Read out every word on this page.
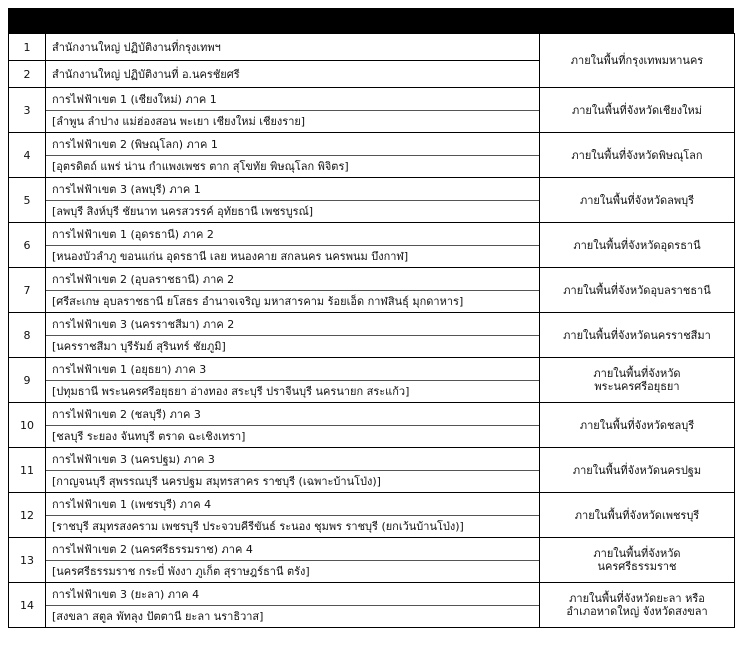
1	สำนักงานใหญ่ ปฏิบัติงานที่กรุงเทพฯ	ภายในพื้นที่กรุงเทพมหานคร
2	สำนักงานใหญ่ ปฏิบัติงานที่ อ.นครชัยศรี	

3	การไฟฟ้าเขต 1 (เชียงใหม่) ภาค 1
[ลำพูน ลำปาง แม่ฮ่องสอน พะเยา เชียงใหม่ เชียงราย]	ภายในพื้นที่จังหวัดเชียงใหม่
4	การไฟฟ้าเขต 2 (พิษณุโลก) ภาค 1
[อุตรดิตถ์ แพร่ น่าน กำแพงเพชร ตาก สุโขทัย พิษณุโลก พิจิตร]	ภายในพื้นที่จังหวัดพิษณุโลก
5	การไฟฟ้าเขต 3 (ลพบุรี) ภาค 1
[ลพบุรี สิงห์บุรี ชัยนาท นครสวรรค์ อุทัยธานี เพชรบูรณ์]	ภายในพื้นที่จังหวัดลพบุรี
6	การไฟฟ้าเขต 1 (อุดรธานี) ภาค 2
[หนองบัวลำภู ขอนแก่น อุดรธานี เลย หนองคาย สกลนคร นครพนม บึงกาฬ]	ภายในพื้นที่จังหวัดอุดรธานี
7	การไฟฟ้าเขต 2 (อุบลราชธานี) ภาค 2
[ศรีสะเกษ อุบลราชธานี ยโสธร อำนาจเจริญ มหาสารคาม ร้อยเอ็ด กาฬสินธุ์ มุกดาหาร]	ภายในพื้นที่จังหวัดอุบลราชธานี
8	การไฟฟ้าเขต 3 (นครราชสีมา) ภาค 2
[นครราชสีมา บุรีรัมย์ สุรินทร์ ชัยภูมิ]	ภายในพื้นที่จังหวัดนครราชสีมา
9	การไฟฟ้าเขต 1 (อยุธยา) ภาค 3
[ปทุมธานี พระนครศรีอยุธยา อ่างทอง สระบุรี ปราจีนบุรี นครนายก สระแก้ว]	ภายในพื้นที่จังหวัด
พระนครศรีอยุธยา
10	การไฟฟ้าเขต 2 (ชลบุรี) ภาค 3
[ชลบุรี ระยอง จันทบุรี ตราด ฉะเชิงเทรา]	ภายในพื้นที่จังหวัดชลบุรี
11	การไฟฟ้าเขต 3 (นครปฐม) ภาค 3
[กาญจนบุรี สุพรรณบุรี นครปฐม สมุทรสาคร ราชบุรี (เฉพาะบ้านโป่ง)]	ภายในพื้นที่จังหวัดนครปฐม
12	การไฟฟ้าเขต 1 (เพชรบุรี) ภาค 4
[ราชบุรี สมุทรสงคราม เพชรบุรี ประจวบคีรีขันธ์ ระนอง ชุมพร ราชบุรี (ยกเว้นบ้านโป่ง)]	ภายในพื้นที่จังหวัดเพชรบุรี
13	การไฟฟ้าเขต 2 (นครศรีธรรมราช) ภาค 4
[นครศรีธรรมราช กระบี่ พังงา ภูเก็ต สุราษฎร์ธานี ตรัง]	ภายในพื้นที่จังหวัด
นครศรีธรรมราช
14	การไฟฟ้าเขต 3 (ยะลา) ภาค 4
[สงขลา สตูล พัทลุง ปัตตานี ยะลา นราธิวาส]	ภายในพื้นที่จังหวัดยะลา หรือ
อำเภอหาดใหญ่ จังหวัดสงขลา
